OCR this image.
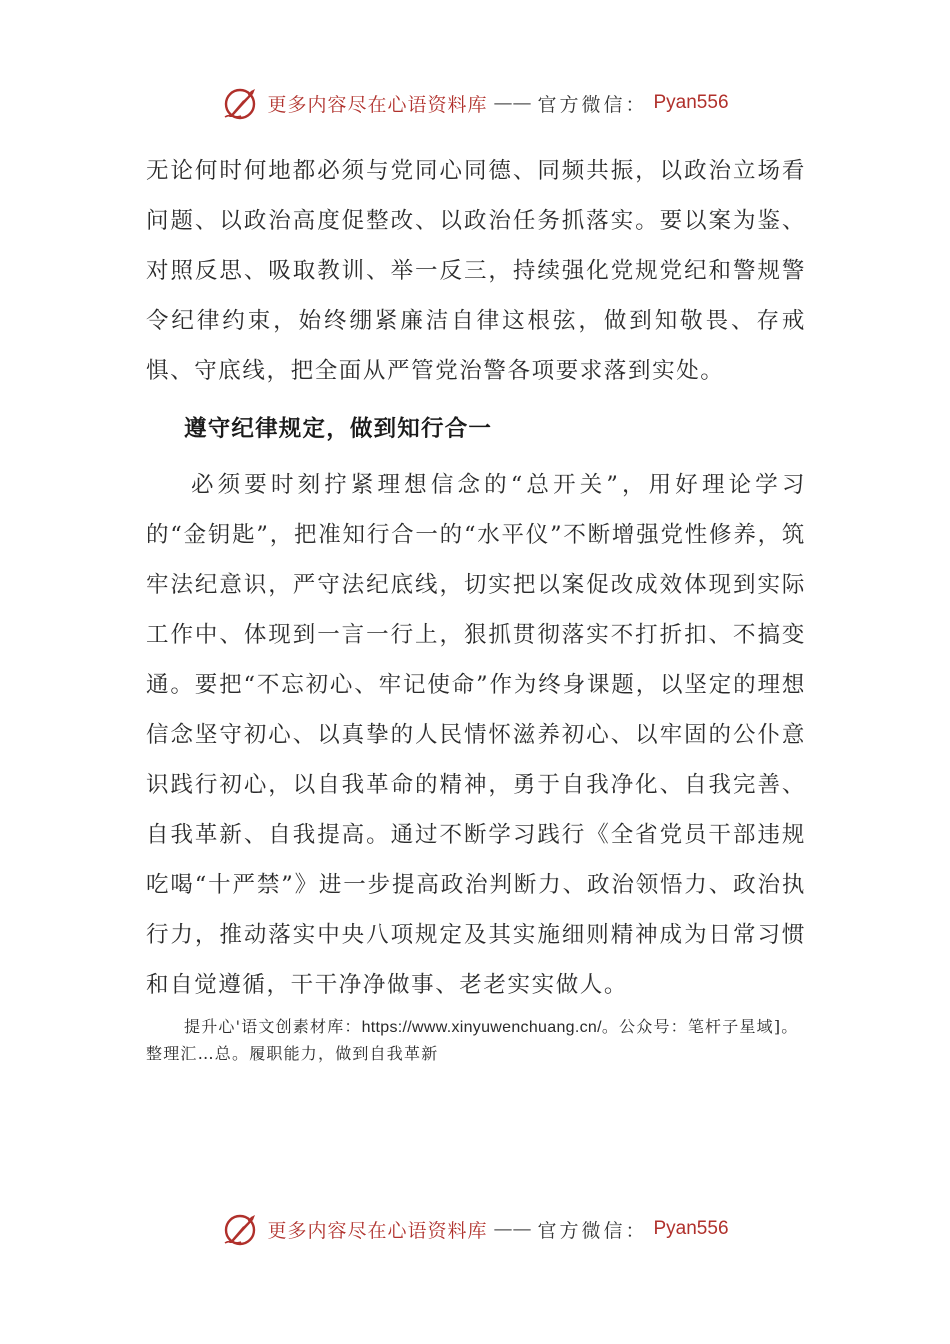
更多内容尽在心语资料库 —— 官方微信： Pyan556

无论何时何地都必须与党同心同德、同频共振，以政治立场看问题、以政治高度促整改、以政治任务抓落实。要以案为鉴、对照反思、吸取教训、举一反三，持续强化党规党纪和警规警令纪律约束，始终绷紧廉洁自律这根弦，做到知敬畏、存戒惧、守底线，把全面从严管党治警各项要求落到实处。

遵守纪律规定，做到知行合一

必须要时刻拧紧理想信念的“总开关”，用好理论学习的“金钥匙”，把准知行合一的“水平仪”不断增强党性修养，筑牢法纪意识，严守法纪底线，切实把以案促改成效体现到实际工作中、体现到一言一行上，狠抓贯彻落实不打折扣、不搞变通。要把“不忘初心、牢记使命”作为终身课题，以坚定的理想信念坚守初心、以真挚的人民情怀滋养初心、以牢固的公仆意识践行初心，以自我革命的精神，勇于自我净化、自我完善、自我革新、自我提高。通过不断学习践行《全省党员干部违规吃喝“十严禁”》进一步提高政治判断力、政治领悟力、政治执行力，推动落实中央八项规定及其实施细则精神成为日常习惯和自觉遵循，干干净净做事、老老实实做人。

提升心'语文创素材库：https://www.xinyuwenchuang.cn/。公众号：笔杆子星域]。整理汇…总。履职能力，做到自我革新

更多内容尽在心语资料库 —— 官方微信： Pyan556
